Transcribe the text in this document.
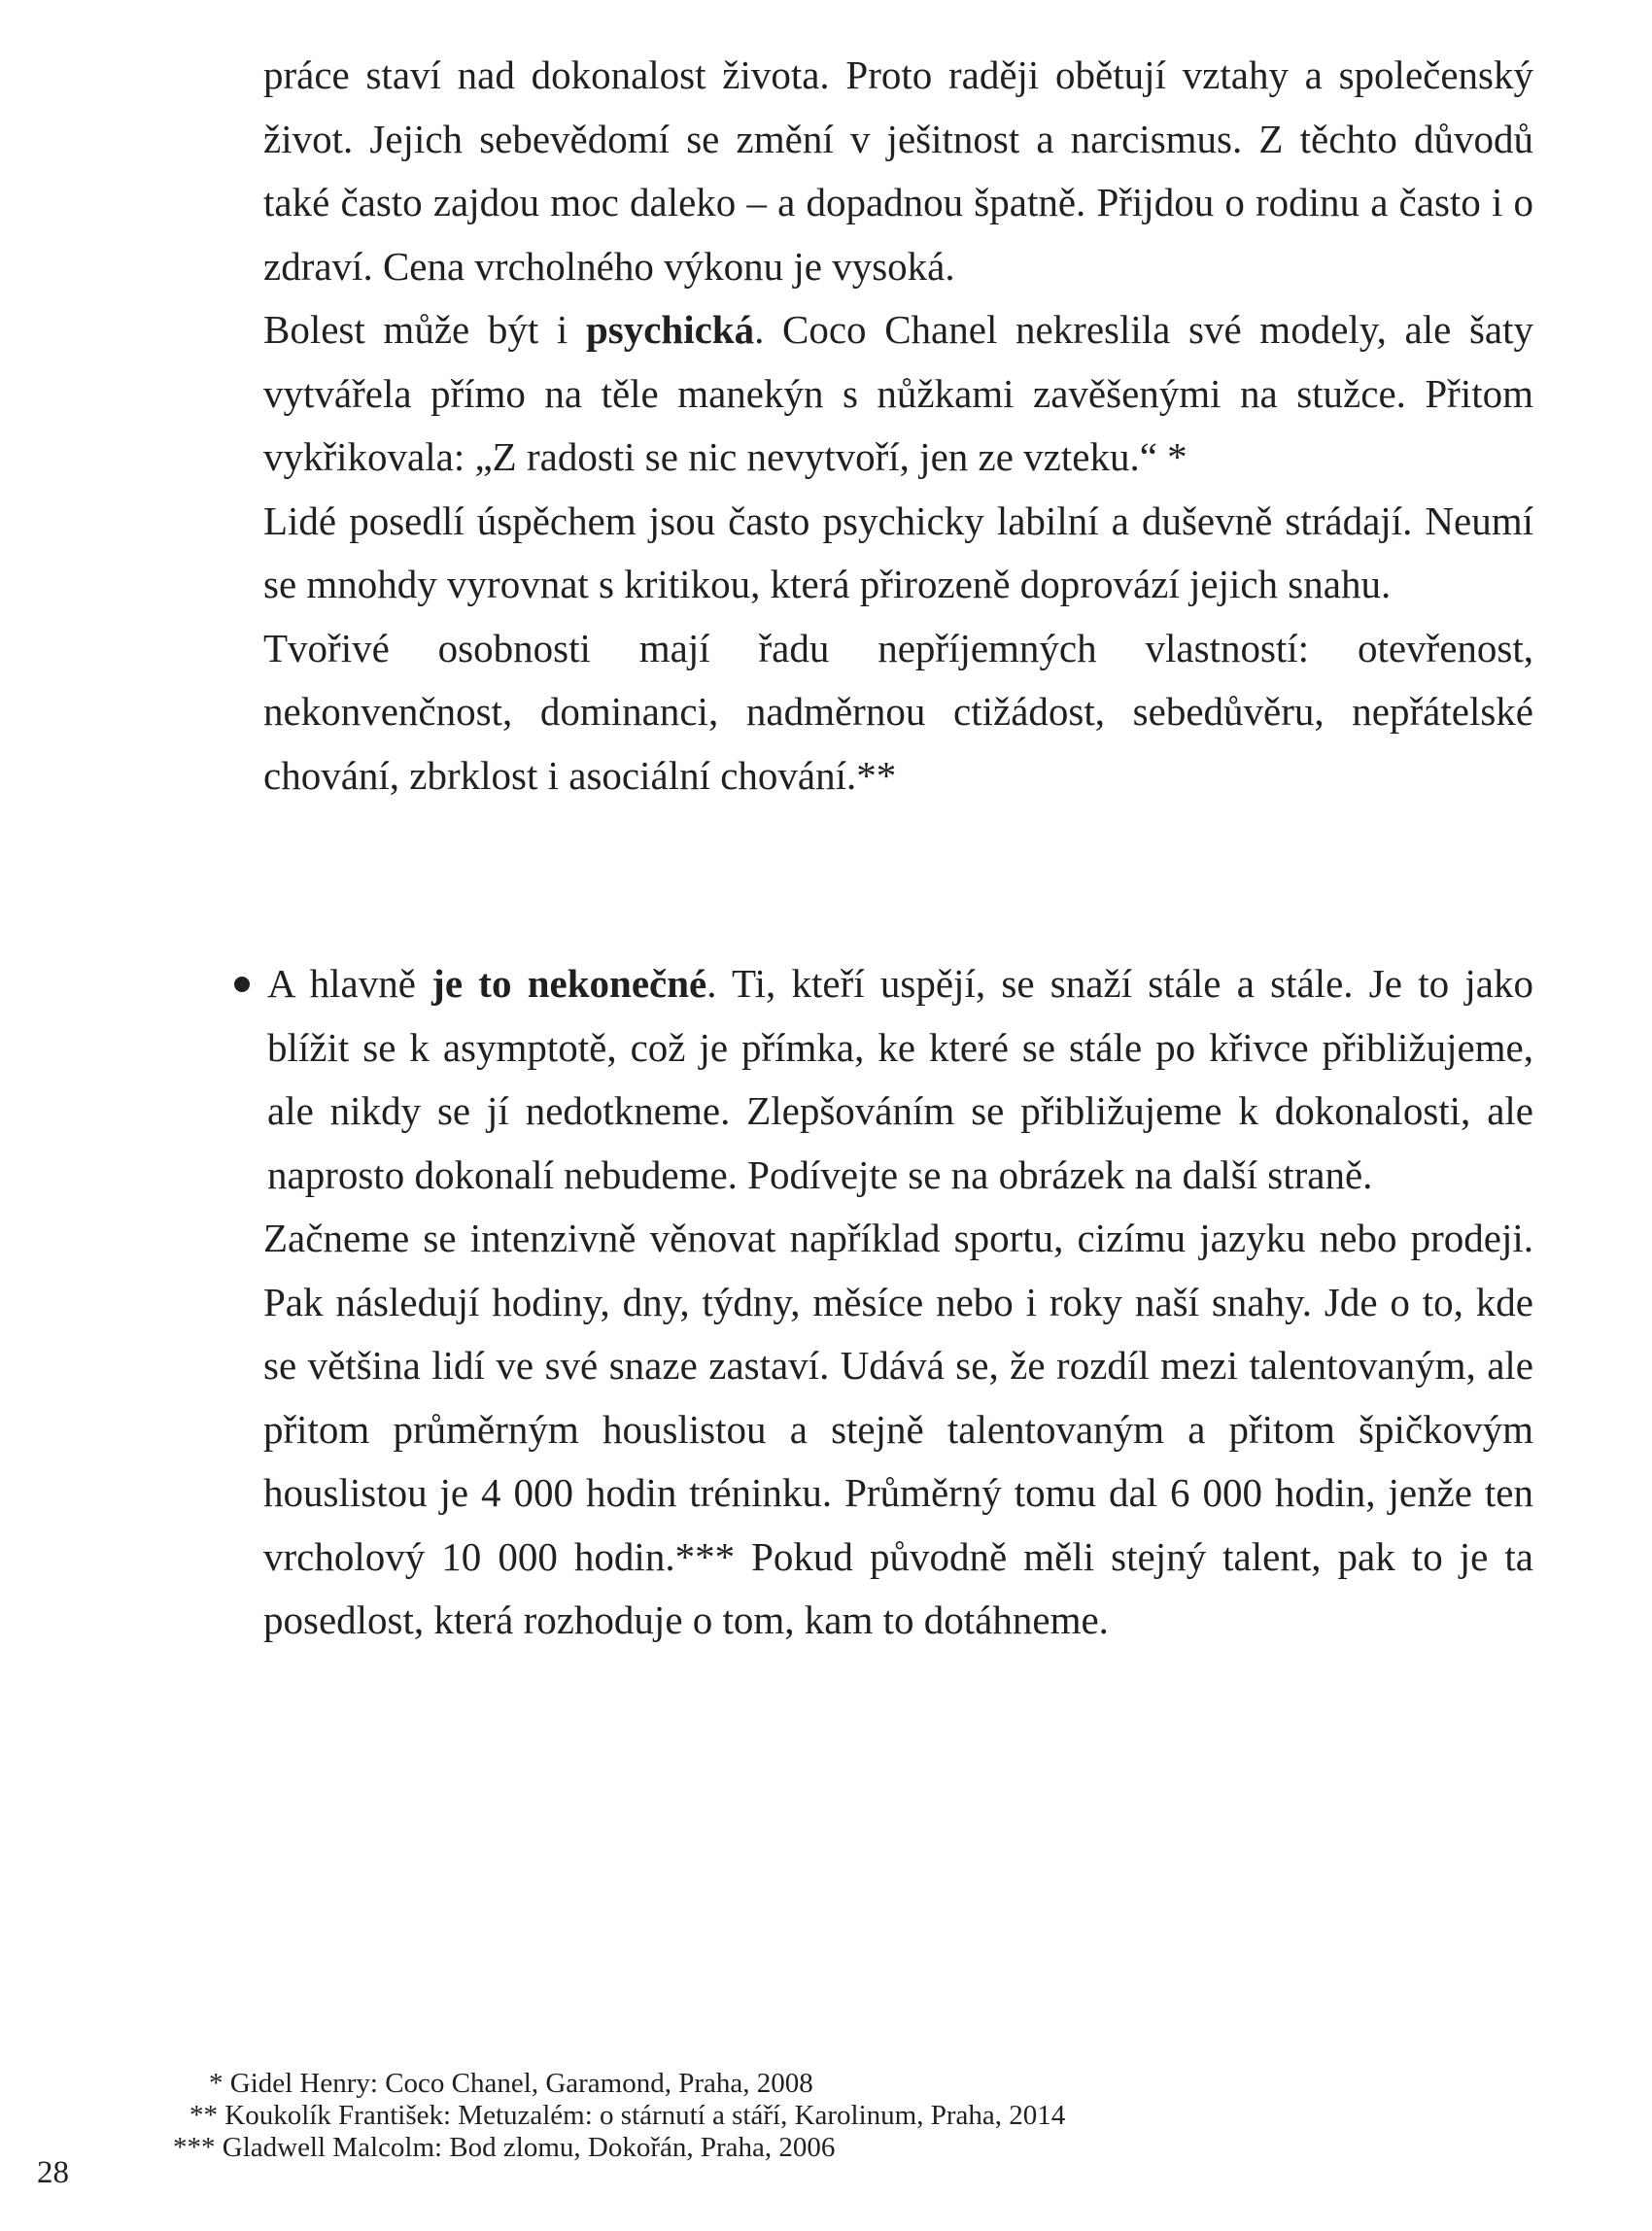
práce staví nad dokonalost života. Proto raději obětují vztahy a společenský život. Jejich sebevědomí se změní v ješitnost a narcismus. Z těchto důvodů také často zajdou moc daleko – a dopadnou špatně. Přijdou o rodinu a často i o zdraví. Cena vrcholného výkonu je vysoká.

Bolest může být i psychická. Coco Chanel nekreslila své modely, ale šaty vytvářela přímo na těle manekýn s nůžkami zavěšenými na stužce. Přitom vykřikovala: „Z radosti se nic nevytvoří, jen ze vzteku.“ *

Lidé posedlí úspěchem jsou často psychicky labilní a duševně strádají. Neumí se mnohdy vyrovnat s kritikou, která přirozeně doprovází jejich snahu.

Tvořivé osobnosti mají řadu nepříjemných vlastností: otevřenost, nekonvenčnost, dominanci, nadměrnou ctižádost, sebedůvěru, nepřátelské chování, zbrklost i asociální chování.**

A hlavně je to nekonečné. Ti, kteří uspějí, se snaží stále a stále. Je to jako blížit se k asymptotě, což je přímka, ke které se stále po křivce přibližujeme, ale nikdy se jí nedotkneme. Zlepšováním se přibližujeme k dokonalosti, ale naprosto dokonalí nebudeme. Podívejte se na obrázek na další straně.

Začneme se intenzivně věnovat například sportu, cizímu jazyku nebo prodeji. Pak následují hodiny, dny, týdny, měsíce nebo i roky naší snahy. Jde o to, kde se většina lidí ve své snaze zastaví. Udává se, že rozdíl mezi talentovaným, ale přitom průměrným houslistou a stejně talentovaným a přitom špičkovým houslistou je 4 000 hodin tréninku. Průměrný tomu dal 6 000 hodin, jenže ten vrcholový 10 000 hodin.*** Pokud původně měli stejný talent, pak to je ta posedlost, která rozhoduje o tom, kam to dotáhneme.

* Gidel Henry: Coco Chanel, Garamond, Praha, 2008
** Koukolík František: Metuzalém: o stárnutí a stáří, Karolinum, Praha, 2014
*** Gladwell Malcolm: Bod zlomu, Dokořán, Praha, 2006
28
